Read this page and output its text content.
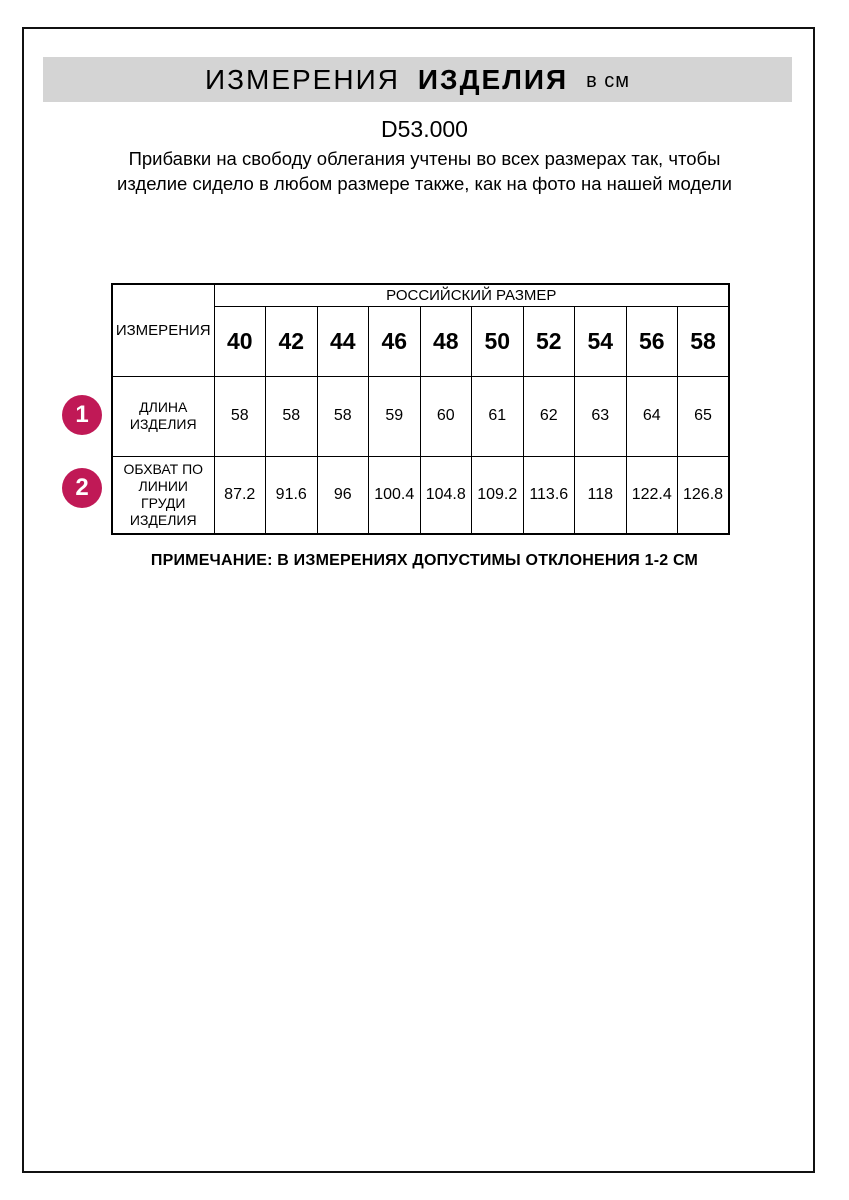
ИЗМЕРЕНИЯ ИЗДЕЛИЯ в см
D53.000
Прибавки на свободу облегания учтены во всех размерах так, чтобы изделие сидело в любом размере также, как на фото на нашей модели
ИЗМЕРЕНИЯ	РОССИЙСКИЙ РАЗМЕР									
	40	42	44	46	48	50	52	54	56	58
ДЛИНА ИЗДЕЛИЯ	58	58	58	59	60	61	62	63	64	65
ОБХВАТ ПО ЛИНИИ ГРУДИ ИЗДЕЛИЯ	87.2	91.6	96	100.4	104.8	109.2	113.6	118	122.4	126.8
1
2
ПРИМЕЧАНИЕ: В ИЗМЕРЕНИЯХ ДОПУСТИМЫ ОТКЛОНЕНИЯ 1-2 СМ
